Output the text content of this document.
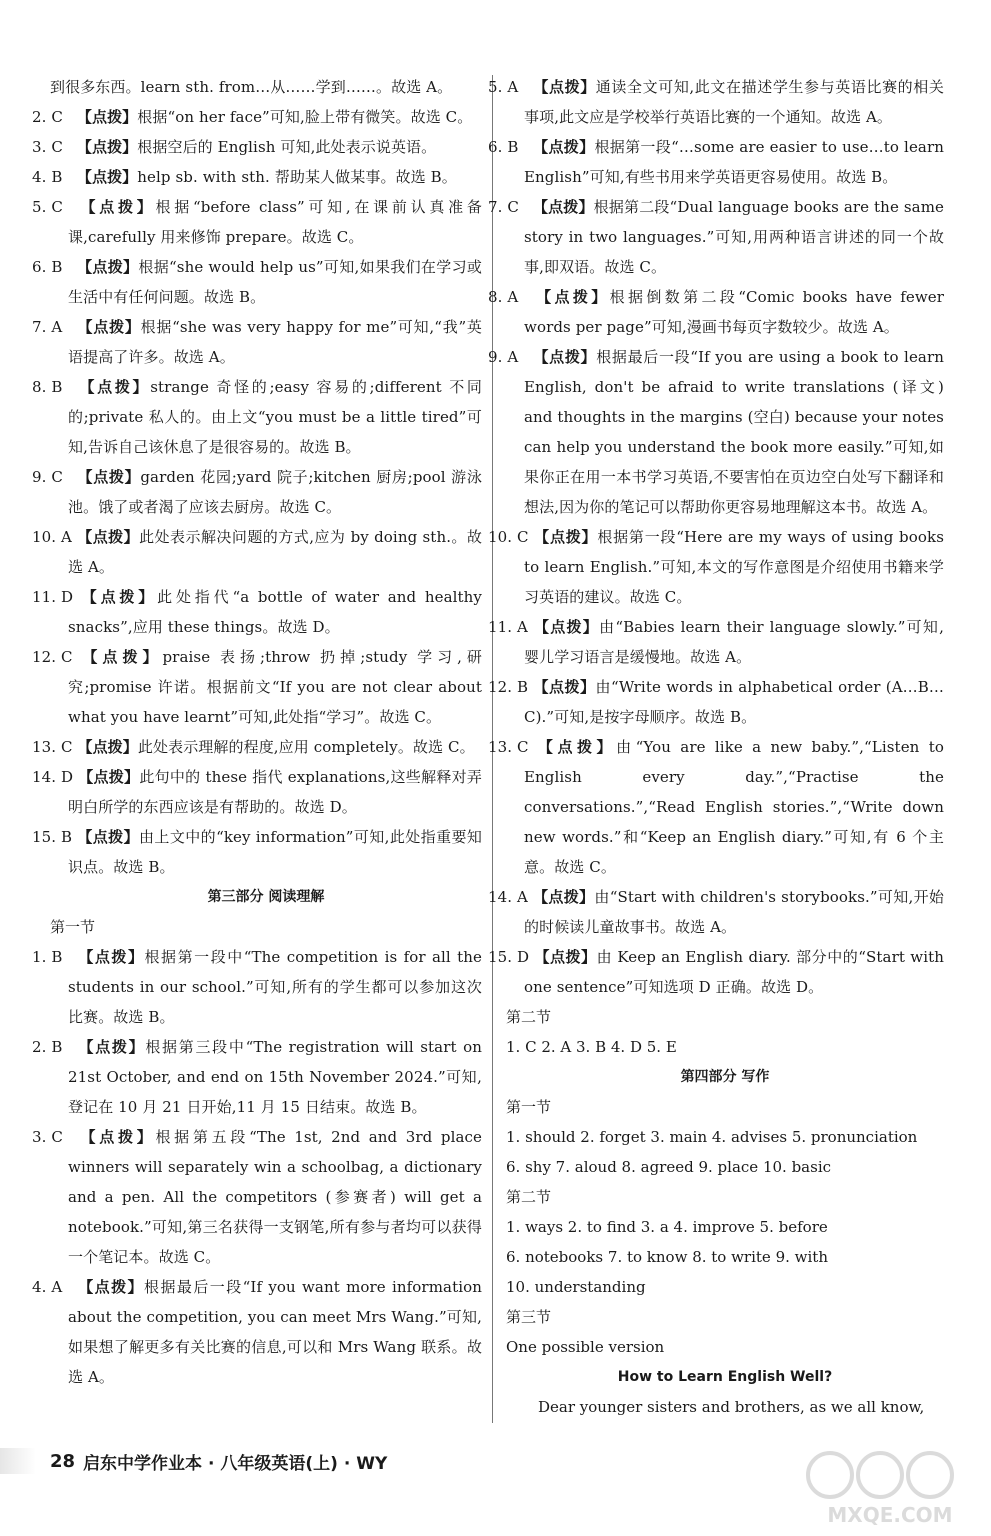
到很多东西。learn sth. from…从……学到……。故选 A。

2. C 【点拨】根据“on her face”可知,脸上带有微笑。故选 C。

3. C 【点拨】根据空后的 English 可知,此处表示说英语。

4. B 【点拨】help sb. with sth. 帮助某人做某事。故选 B。

5. C 【点拨】根据“before class”可知,在课前认真准备课,carefully 用来修饰 prepare。故选 C。

6. B 【点拨】根据“she would help us”可知,如果我们在学习或生活中有任何问题。故选 B。

7. A 【点拨】根据“she was very happy for me”可知,“我”英语提高了许多。故选 A。

8. B 【点拨】strange 奇怪的;easy 容易的;different 不同的;private 私人的。由上文“you must be a little tired”可知,告诉自己该休息了是很容易的。故选 B。

9. C 【点拨】garden 花园;yard 院子;kitchen 厨房;pool 游泳池。饿了或者渴了应该去厨房。故选 C。

10. A 【点拨】此处表示解决问题的方式,应为 by doing sth.。故选 A。

11. D 【点拨】此处指代“a bottle of water and healthy snacks”,应用 these things。故选 D。

12. C 【点拨】praise 表扬;throw 扔掉;study 学习,研究;promise 许诺。根据前文“If you are not clear about what you have learnt”可知,此处指“学习”。故选 C。

13. C 【点拨】此处表示理解的程度,应用 completely。故选 C。

14. D 【点拨】此句中的 these 指代 explanations,这些解释对弄明白所学的东西应该是有帮助的。故选 D。

15. B 【点拨】由上文中的“key information”可知,此处指重要知识点。故选 B。

第三部分 阅读理解

第一节

1. B 【点拨】根据第一段中“The competition is for all the students in our school.”可知,所有的学生都可以参加这次比赛。故选 B。

2. B 【点拨】根据第三段中“The registration will start on 21st October, and end on 15th November 2024.”可知,登记在 10 月 21 日开始,11 月 15 日结束。故选 B。

3. C 【点拨】根据第五段“The 1st, 2nd and 3rd place winners will separately win a schoolbag, a dictionary and a pen. All the competitors (参赛者) will get a notebook.”可知,第三名获得一支钢笔,所有参与者均可以获得一个笔记本。故选 C。

4. A 【点拨】根据最后一段“If you want more information about the competition, you can meet Mrs Wang.”可知,如果想了解更多有关比赛的信息,可以和 Mrs Wang 联系。故选 A。

5. A 【点拨】通读全文可知,此文在描述学生参与英语比赛的相关事项,此文应是学校举行英语比赛的一个通知。故选 A。

6. B 【点拨】根据第一段“…some are easier to use…to learn English”可知,有些书用来学英语更容易使用。故选 B。

7. C 【点拨】根据第二段“Dual language books are the same story in two languages.”可知,用两种语言讲述的同一个故事,即双语。故选 C。

8. A 【点拨】根据倒数第二段“Comic books have fewer words per page”可知,漫画书每页字数较少。故选 A。

9. A 【点拨】根据最后一段“If you are using a book to learn English, don't be afraid to write translations (译文) and thoughts in the margins (空白) because your notes can help you understand the book more easily.”可知,如果你正在用一本书学习英语,不要害怕在页边空白处写下翻译和想法,因为你的笔记可以帮助你更容易地理解这本书。故选 A。

10. C 【点拨】根据第一段“Here are my ways of using books to learn English.”可知,本文的写作意图是介绍使用书籍来学习英语的建议。故选 C。

11. A 【点拨】由“Babies learn their language slowly.”可知,婴儿学习语言是缓慢地。故选 A。

12. B 【点拨】由“Write words in alphabetical order (A…B…C).”可知,是按字母顺序。故选 B。

13. C 【点拨】由“You are like a new baby.”,“Listen to English every day.”,“Practise the conversations.”,“Read English stories.”,“Write down new words.”和“Keep an English diary.”可知,有 6 个主意。故选 C。

14. A 【点拨】由“Start with children's storybooks.”可知,开始的时候读儿童故事书。故选 A。

15. D 【点拨】由 Keep an English diary. 部分中的“Start with one sentence”可知选项 D 正确。故选 D。

第二节

1. C 2. A 3. B 4. D 5. E

第四部分 写作

第一节

1. should 2. forget 3. main 4. advises 5. pronunciation

6. shy 7. aloud 8. agreed 9. place 10. basic

第二节

1. ways 2. to find 3. a 4. improve 5. before

6. notebooks 7. to know 8. to write 9. with

10. understanding

第三节

One possible version

How to Learn English Well?

Dear younger sisters and brothers, as we all know,

28 启东中学作业本 · 八年级英语(上) · WY
MXQE.COM
